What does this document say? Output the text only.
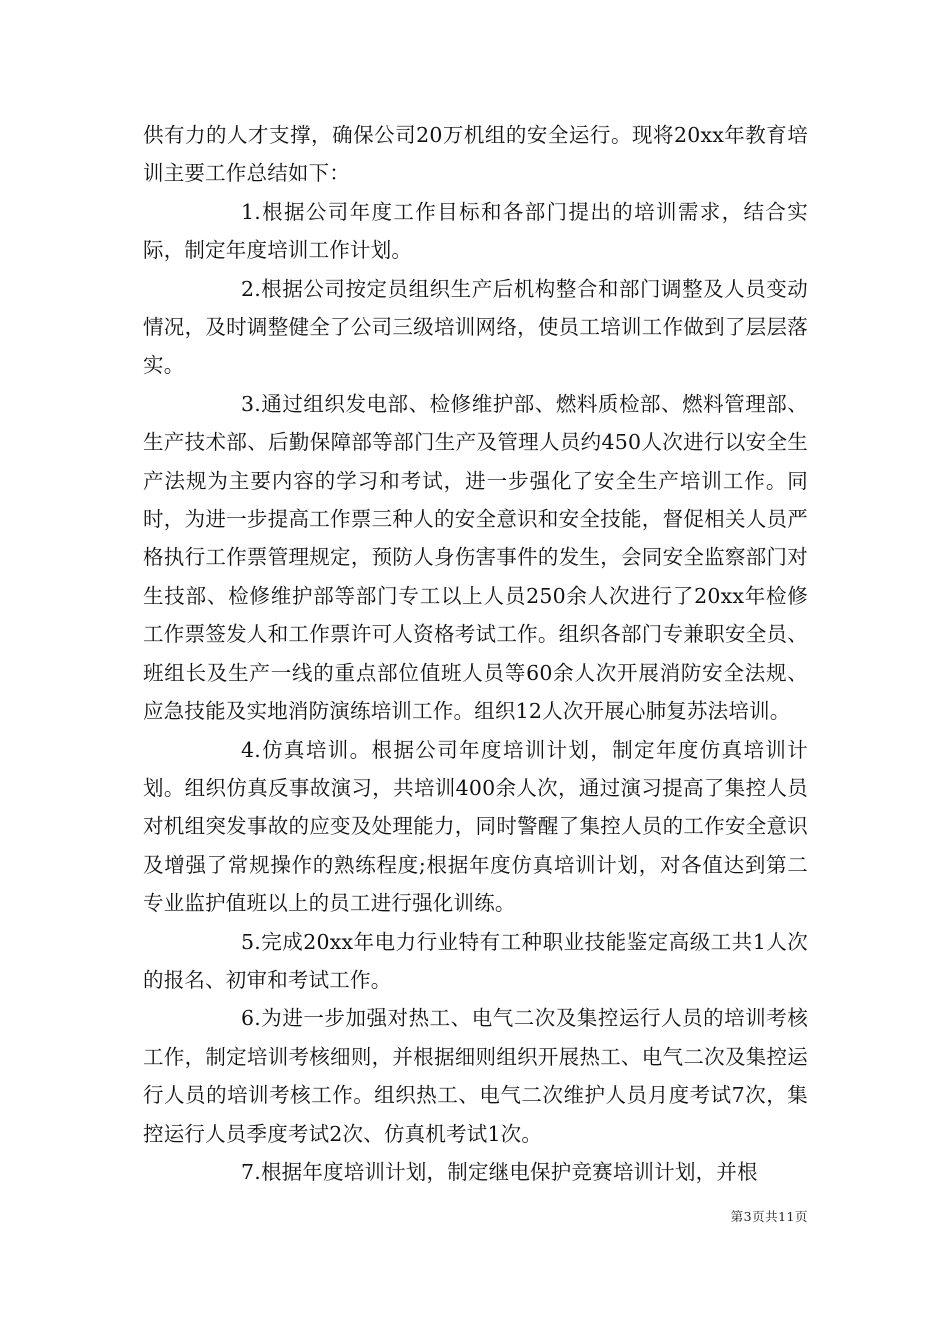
供有力的人才支撑，确保公司20万机组的安全运行。现将20xx年教育培训主要工作总结如下：

1.根据公司年度工作目标和各部门提出的培训需求，结合实际，制定年度培训工作计划。

2.根据公司按定员组织生产后机构整合和部门调整及人员变动情况，及时调整健全了公司三级培训网络，使员工培训工作做到了层层落实。

3.通过组织发电部、检修维护部、燃料质检部、燃料管理部、生产技术部、后勤保障部等部门生产及管理人员约450人次进行以安全生产法规为主要内容的学习和考试，进一步强化了安全生产培训工作。同时，为进一步提高工作票三种人的安全意识和安全技能，督促相关人员严格执行工作票管理规定，预防人身伤害事件的发生，会同安全监察部门对生技部、检修维护部等部门专工以上人员250余人次进行了20xx年检修工作票签发人和工作票许可人资格考试工作。组织各部门专兼职安全员、班组长及生产一线的重点部位值班人员等60余人次开展消防安全法规、应急技能及实地消防演练培训工作。组织12人次开展心肺复苏法培训。

4.仿真培训。根据公司年度培训计划，制定年度仿真培训计划。组织仿真反事故演习，共培训400余人次，通过演习提高了集控人员对机组突发事故的应变及处理能力，同时警醒了集控人员的工作安全意识及增强了常规操作的熟练程度;根据年度仿真培训计划，对各值达到第二专业监护值班以上的员工进行强化训练。

5.完成20xx年电力行业特有工种职业技能鉴定高级工共1人次的报名、初审和考试工作。

6.为进一步加强对热工、电气二次及集控运行人员的培训考核工作，制定培训考核细则，并根据细则组织开展热工、电气二次及集控运行人员的培训考核工作。组织热工、电气二次维护人员月度考试7次，集控运行人员季度考试2次、仿真机考试1次。

7.根据年度培训计划，制定继电保护竞赛培训计划，并根

第3页共11页
